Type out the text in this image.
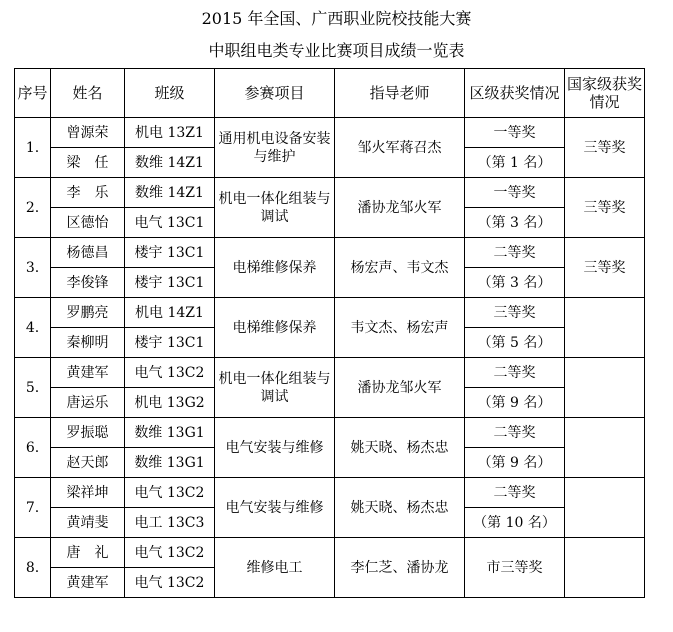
2015 年全国、广西职业院校技能大赛
中职组电类专业比赛项目成绩一览表
序号	姓名	班级	参赛项目	指导老师	区级获奖情况	国家级获奖情况
1.	曾源荣	机电 13Z1	通用机电设备安装与维护	邹火军蒋召杰	一等奖	三等奖
	梁　任	数维 14Z1			（第 1 名）	
2.	李　乐	数维 14Z1	机电一体化组装与调试	潘协龙邹火军	一等奖	三等奖
	区德怡	电气 13C1			（第 3 名）	
3.	杨德昌	楼宇 13C1	电梯维修保养	杨宏声、韦文杰	二等奖	三等奖
	李俊锋	楼宇 13C1			（第 3 名）	
4.	罗鹏亮	机电 14Z1	电梯维修保养	韦文杰、杨宏声	三等奖	
	秦柳明	楼宇 13C1			（第 5 名）	
5.	黄建军	电气 13C2	机电一体化组装与调试	潘协龙邹火军	二等奖	
	唐运乐	机电 13G2			（第 9 名）	
6.	罗振聪	数维 13G1	电气安装与维修	姚天晓、杨杰忠	二等奖	
	赵天郎	数维 13G1			（第 9 名）	
7.	梁祥坤	电气 13C2	电气安装与维修	姚天晓、杨杰忠	二等奖	
	黄靖斐	电工 13C3			（第 10 名）	
8.	唐　礼	电气 13C2	维修电工	李仁芝、潘协龙	市三等奖	
	黄建军	电气 13C2				
